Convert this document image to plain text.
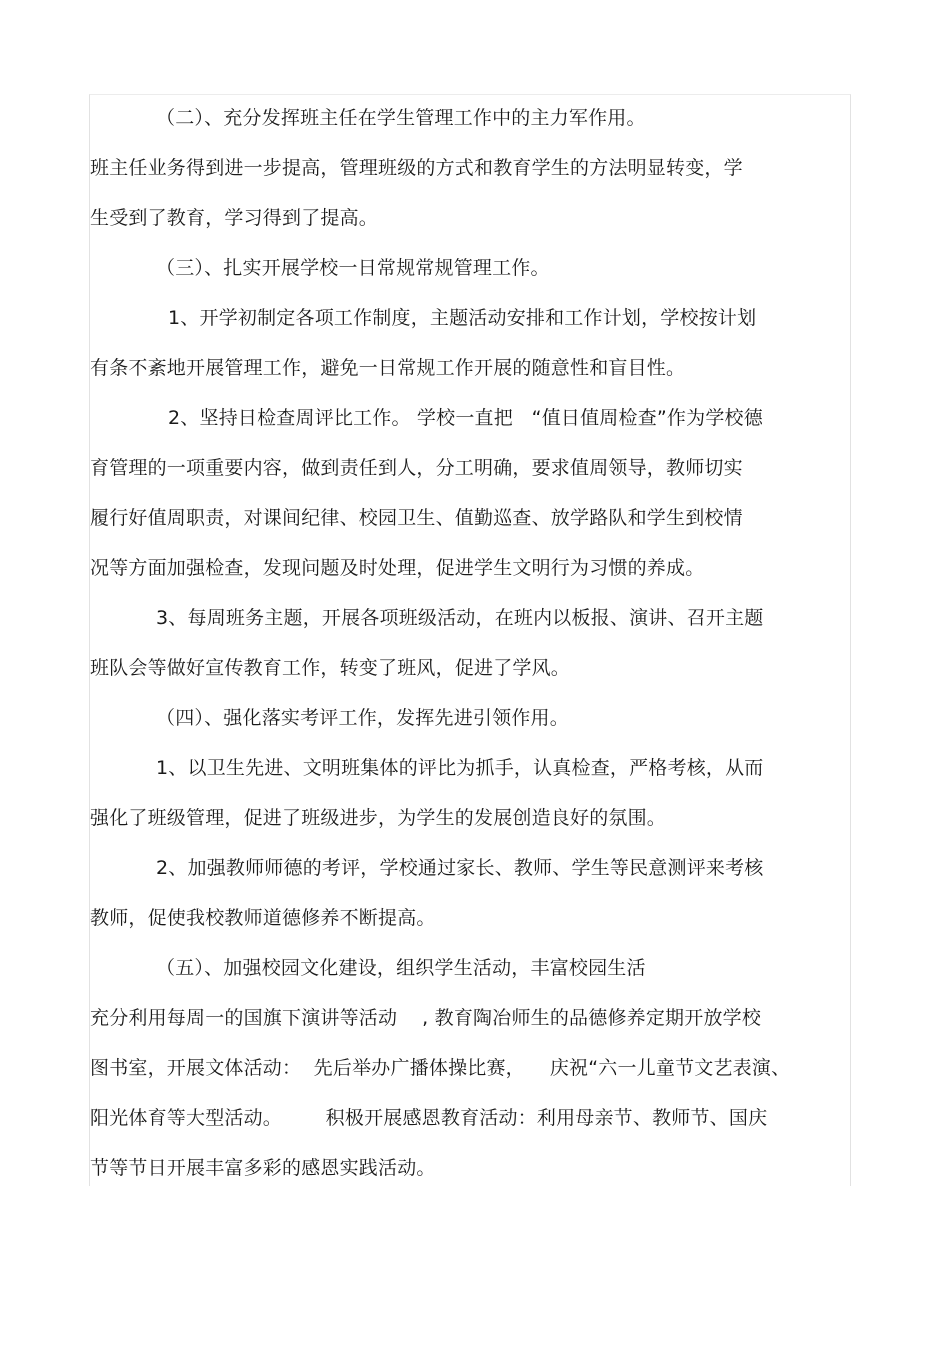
（二）、充分发挥班主任在学生管理工作中的主力军作用。
班主任业务得到进一步提高，管理班级的方式和教育学生的方法明显转变，学
生受到了教育，学习得到了提高。
（三）、扎实开展学校一日常规常规管理工作。
1、开学初制定各项工作制度，主题活动安排和工作计划，学校按计划
有条不紊地开展管理工作，避免一日常规工作开展的随意性和盲目性。
2、坚持日检查周评比工作。 学校一直把   “值日值周检查”作为学校德
育管理的一项重要内容，做到责任到人，分工明确，要求值周领导，教师切实
履行好值周职责，对课间纪律、校园卫生、值勤巡查、放学路队和学生到校情
况等方面加强检查，发现问题及时处理，促进学生文明行为习惯的养成。
3、每周班务主题，开展各项班级活动，在班内以板报、演讲、召开主题
班队会等做好宣传教育工作，转变了班风，促进了学风。
（四）、强化落实考评工作，发挥先进引领作用。
1、以卫生先进、文明班集体的评比为抓手，认真检查，严格考核，从而
强化了班级管理，促进了班级进步，为学生的发展创造良好的氛围。
2、加强教师师德的考评，学校通过家长、教师、学生等民意测评来考核
教师，促使我校教师道德修养不断提高。
（五）、加强校园文化建设，组织学生活动，丰富校园生活
充分利用每周一的国旗下演讲等活动    , 教育陶冶师生的品德修养定期开放学校
图书室，开展文体活动：  先后举办广播体操比赛，    庆祝“六一儿童节文艺表演、
阳光体育等大型活动。       积极开展感恩教育活动：利用母亲节、教师节、国庆
节等节日开展丰富多彩的感恩实践活动。
